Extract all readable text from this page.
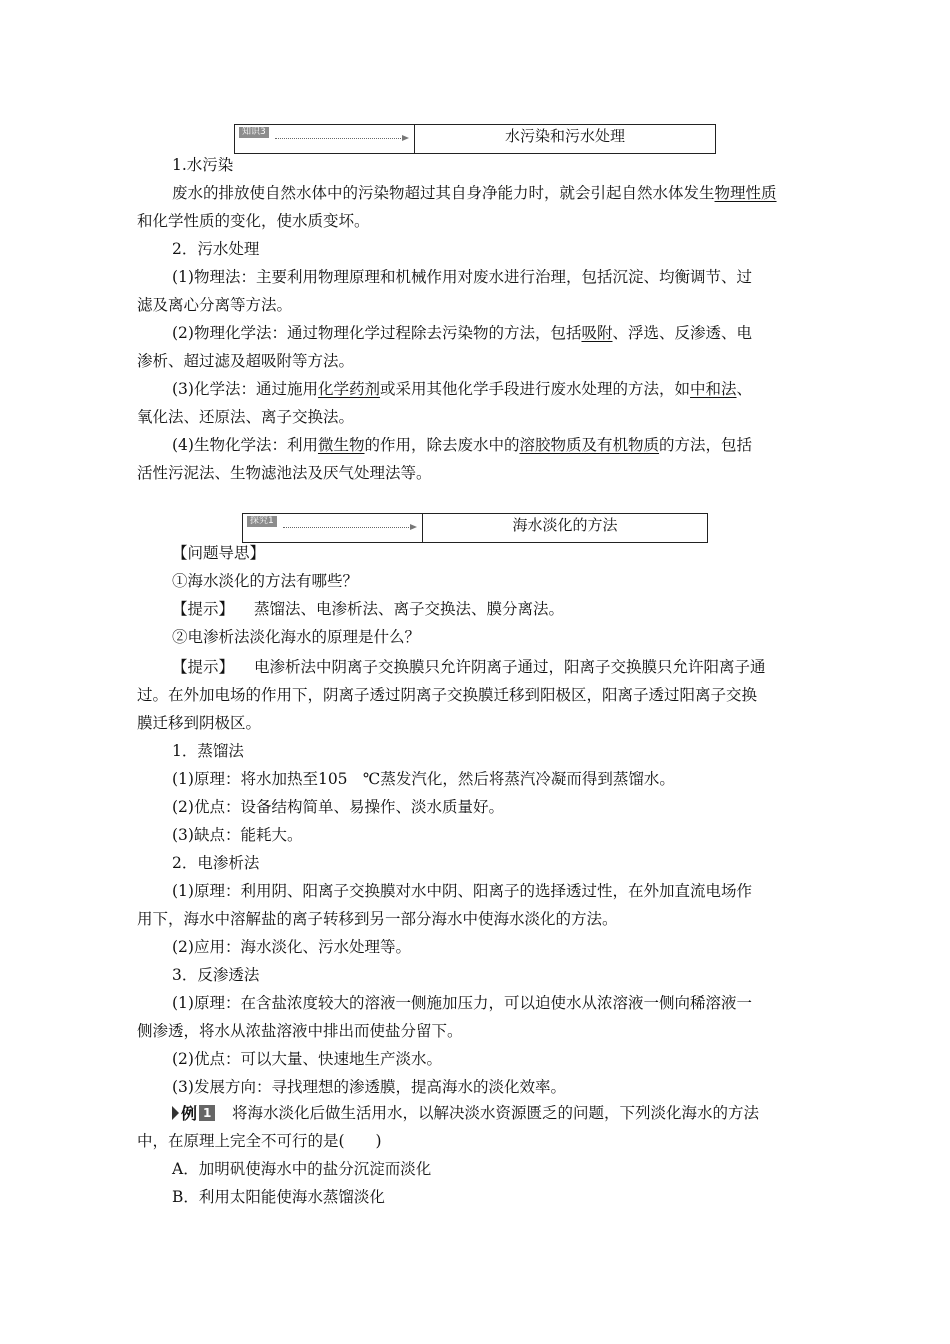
知识3	水污染和污水处理
1.水污染
废水的排放使自然水体中的污染物超过其自身净能力时，就会引起自然水体发生物理性质
和化学性质的变化，使水质变坏。
2．污水处理
(1)物理法：主要利用物理原理和机械作用对废水进行治理，包括沉淀、均衡调节、过
滤及离心分离等方法。
(2)物理化学法：通过物理化学过程除去污染物的方法，包括吸附、浮选、反渗透、电
渗析、超过滤及超吸附等方法。
(3)化学法：通过施用化学药剂或采用其他化学手段进行废水处理的方法，如中和法、
氧化法、还原法、离子交换法。
(4)生物化学法：利用微生物的作用，除去废水中的溶胶物质及有机物质的方法，包括
活性污泥法、生物滤池法及厌气处理法等。
探究1	海水淡化的方法
【问题导思】
①海水淡化的方法有哪些？
【提示】 蒸馏法、电渗析法、离子交换法、膜分离法。
②电渗析法淡化海水的原理是什么？
【提示】 电渗析法中阴离子交换膜只允许阴离子通过，阳离子交换膜只允许阳离子通
过。在外加电场的作用下，阴离子透过阴离子交换膜迁移到阳极区，阳离子透过阳离子交换
膜迁移到阴极区。
1．蒸馏法
(1)原理：将水加热至105　℃蒸发汽化，然后将蒸汽冷凝而得到蒸馏水。
(2)优点：设备结构简单、易操作、淡水质量好。
(3)缺点：能耗大。
2．电渗析法
(1)原理：利用阴、阳离子交换膜对水中阴、阳离子的选择透过性，在外加直流电场作
用下，海水中溶解盐的离子转移到另一部分海水中使海水淡化的方法。
(2)应用：海水淡化、污水处理等。
3．反渗透法
(1)原理：在含盐浓度较大的溶液一侧施加压力，可以迫使水从浓溶液一侧向稀溶液一
侧渗透，将水从浓盐溶液中排出而使盐分留下。
(2)优点：可以大量、快速地生产淡水。
(3)发展方向：寻找理想的渗透膜，提高海水的淡化效率。
例 1 将海水淡化后做生活用水，以解决淡水资源匮乏的问题，下列淡化海水的方法
中，在原理上完全不可行的是(　　)
A．加明矾使海水中的盐分沉淀而淡化
B．利用太阳能使海水蒸馏淡化
